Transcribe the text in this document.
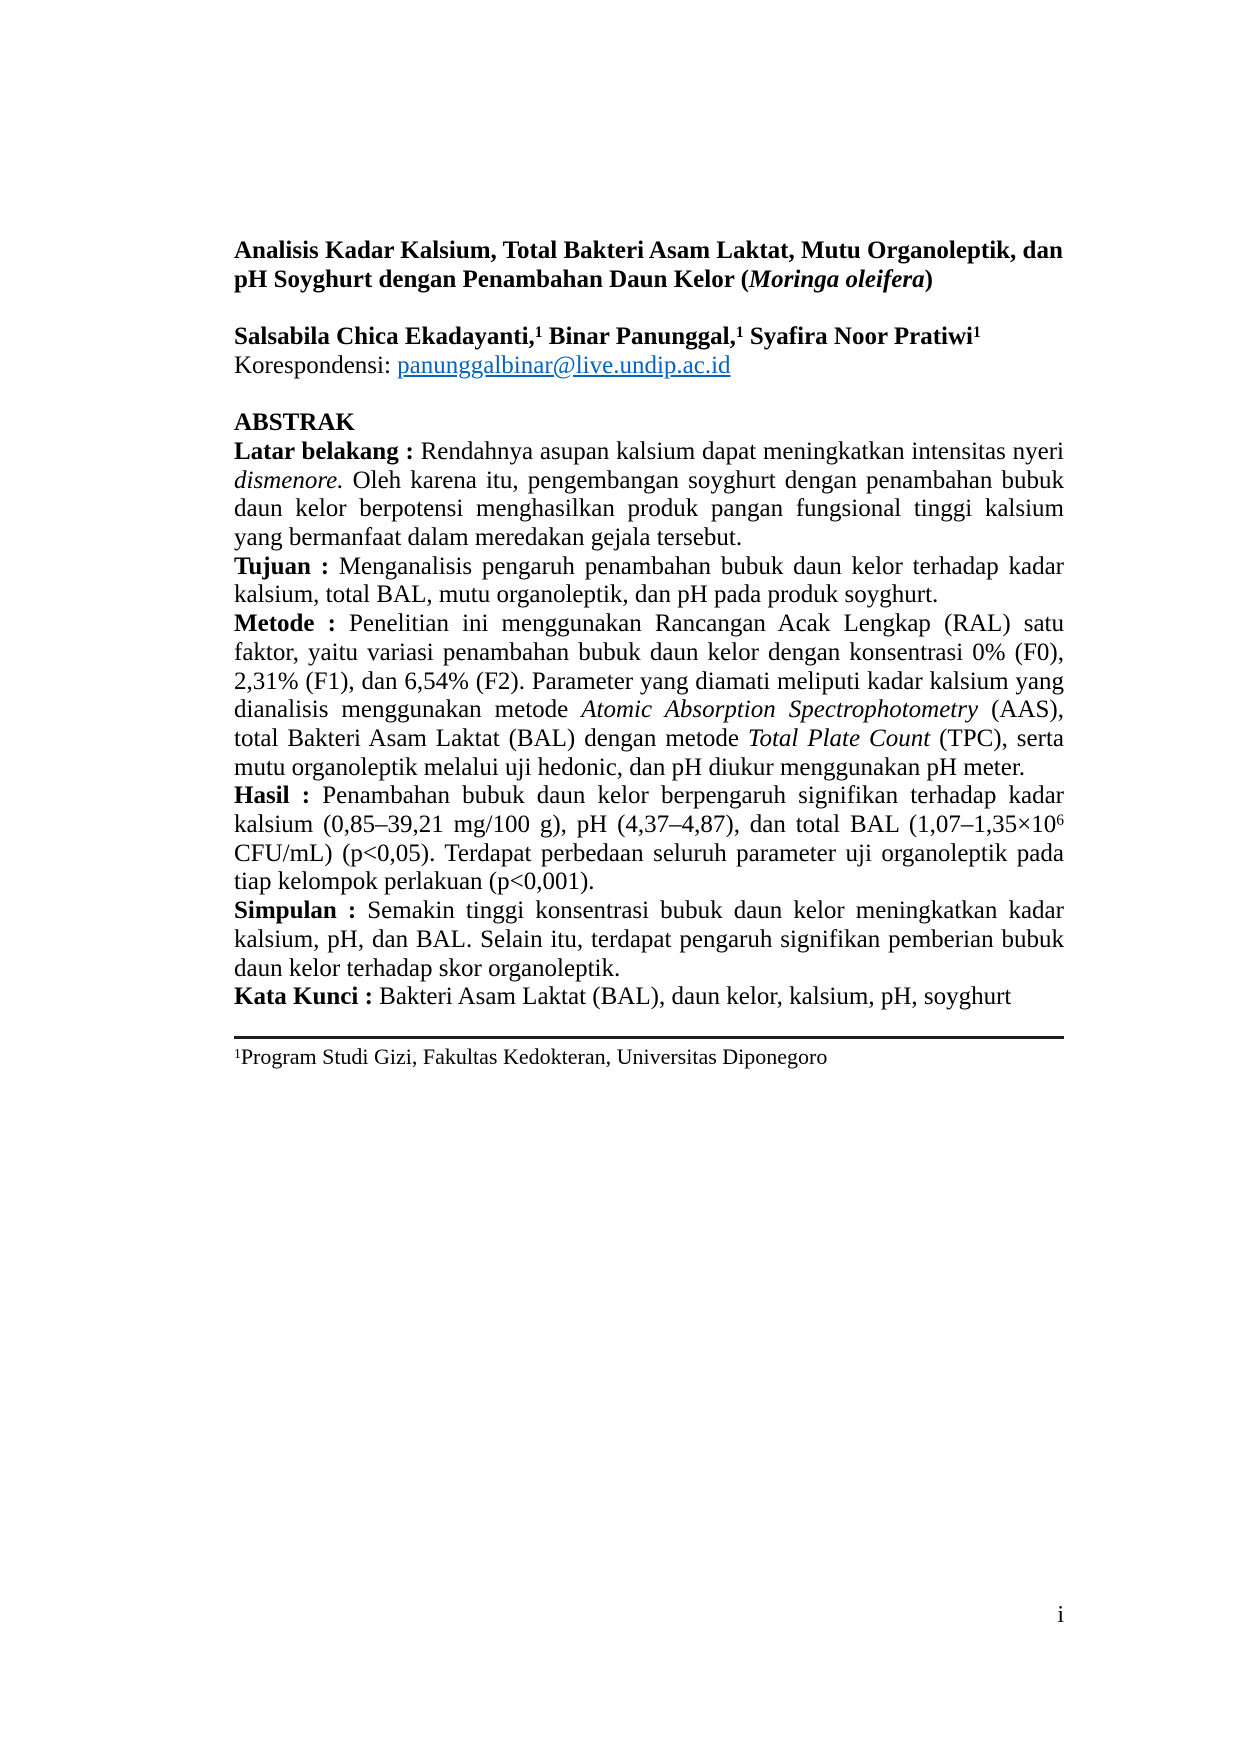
Analisis Kadar Kalsium, Total Bakteri Asam Laktat, Mutu Organoleptik, dan pH Soyghurt dengan Penambahan Daun Kelor (Moringa oleifera)
Salsabila Chica Ekadayanti,$^1$ Binar Panunggal,$^1$ Syafira Noor Pratiwi$^1$
Korespondensi: panunggalbinar@live.undip.ac.id
ABSTRAK
Latar belakang : Rendahnya asupan kalsium dapat meningkatkan intensitas nyeri dismenore. Oleh karena itu, pengembangan soyghurt dengan penambahan bubuk daun kelor berpotensi menghasilkan produk pangan fungsional tinggi kalsium yang bermanfaat dalam meredakan gejala tersebut.
Tujuan : Menganalisis pengaruh penambahan bubuk daun kelor terhadap kadar kalsium, total BAL, mutu organoleptik, dan pH pada produk soyghurt.
Metode : Penelitian ini menggunakan Rancangan Acak Lengkap (RAL) satu faktor, yaitu variasi penambahan bubuk daun kelor dengan konsentrasi 0% (F0), 2,31% (F1), dan 6,54% (F2). Parameter yang diamati meliputi kadar kalsium yang dianalisis menggunakan metode Atomic Absorption Spectrophotometry (AAS), total Bakteri Asam Laktat (BAL) dengan metode Total Plate Count (TPC), serta mutu organoleptik melalui uji hedonic, dan pH diukur menggunakan pH meter.
Hasil : Penambahan bubuk daun kelor berpengaruh signifikan terhadap kadar kalsium (0,85–39,21 mg/100 g), pH (4,37–4,87), dan total BAL ($1,07-1,35\times 10^6$ CFU/mL) (p<0,05). Terdapat perbedaan seluruh parameter uji organoleptik pada tiap kelompok perlakuan (p<0,001).
Simpulan : Semakin tinggi konsentrasi bubuk daun kelor meningkatkan kadar kalsium, pH, dan BAL. Selain itu, terdapat pengaruh signifikan pemberian bubuk daun kelor terhadap skor organoleptik.
Kata Kunci : Bakteri Asam Laktat (BAL), daun kelor, kalsium, pH, soyghurt
$^1$Program Studi Gizi, Fakultas Kedokteran, Universitas Diponegoro
i
